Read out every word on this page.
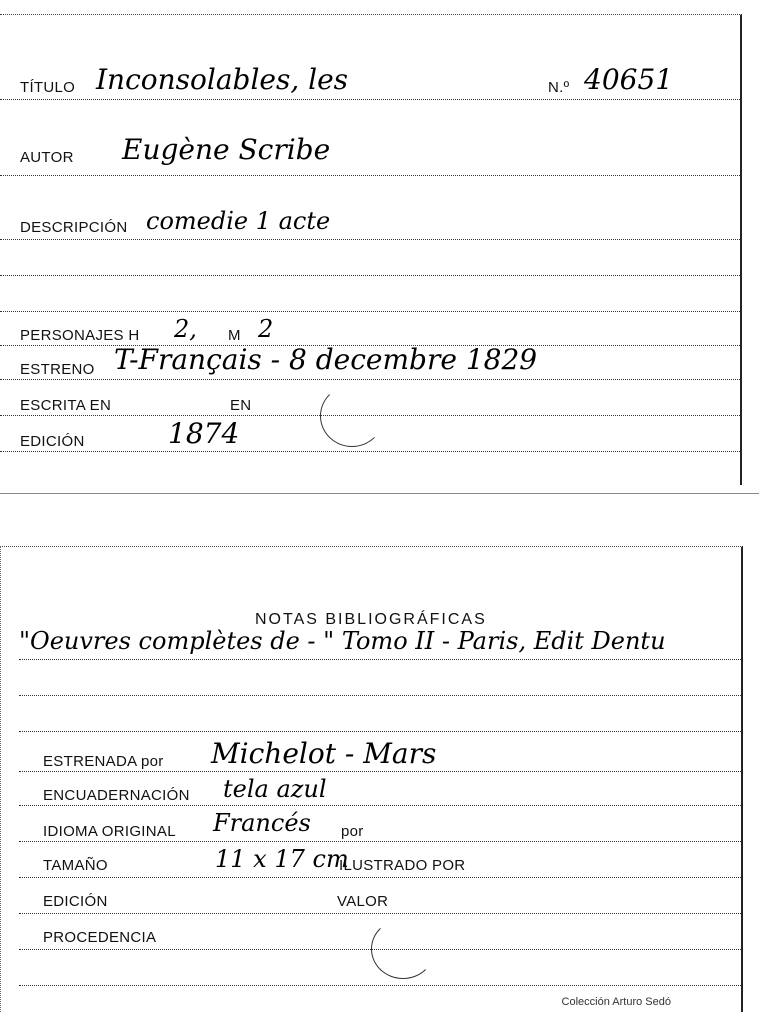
TÍTULO Inconsolables, les	N.º 40651
AUTOR Eugène Scribe
DESCRIPCIÓN comedie 1 acte
PERSONAJES H 2, M 2
ESTRENO T-Français - 8 decembre 1829
ESCRITA EN	EN
EDICIÓN	1874
NOTAS BIBLIOGRÁFICAS
"Oeuvres complètes de - " Tomo II - Paris, Edit Dentu
ESTRENADA por Michelot - Mars
ENCUADERNACIÓN tela azul
IDIOMA ORIGINAL Francés por
TAMAÑO	11 x 17 cm
ILUSTRADO POR
EDICIÓN	VALOR
PROCEDENCIA
Colección Arturo Sedó
